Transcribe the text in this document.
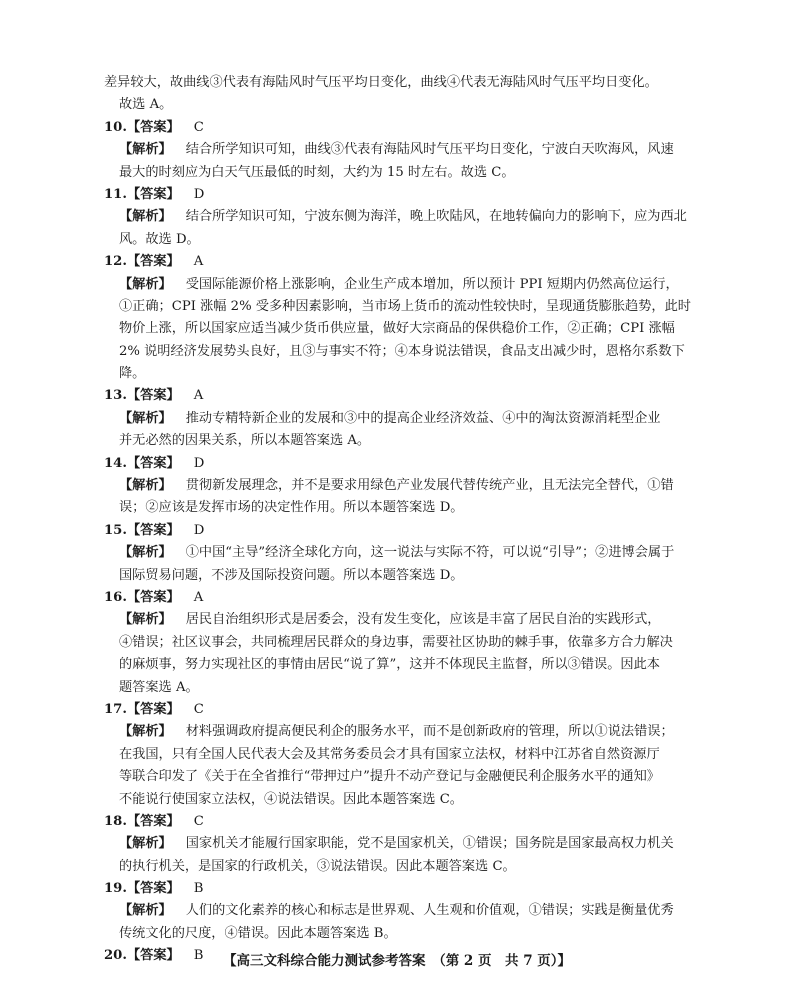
差异较大，故曲线③代表有海陆风时气压平均日变化，曲线④代表无海陆风时气压平均日变化。
故选 A。
10.【答案】 C
【解析】 结合所学知识可知，曲线③代表有海陆风时气压平均日变化，宁波白天吹海风，风速
最大的时刻应为白天气压最低的时刻，大约为 15 时左右。故选 C。
11.【答案】 D
【解析】 结合所学知识可知，宁波东侧为海洋，晚上吹陆风，在地转偏向力的影响下，应为西北
风。故选 D。
12.【答案】 A
【解析】 受国际能源价格上涨影响，企业生产成本增加，所以预计 PPI 短期内仍然高位运行，
①正确；CPI 涨幅 2% 受多种因素影响，当市场上货币的流动性较快时，呈现通货膨胀趋势，此时
物价上涨，所以国家应适当减少货币供应量，做好大宗商品的保供稳价工作，②正确；CPI 涨幅
2% 说明经济发展势头良好，且③与事实不符；④本身说法错误，食品支出减少时，恩格尔系数下
降。
13.【答案】 A
【解析】 推动专精特新企业的发展和③中的提高企业经济效益、④中的淘汰资源消耗型企业
并无必然的因果关系，所以本题答案选 A。
14.【答案】 D
【解析】 贯彻新发展理念，并不是要求用绿色产业发展代替传统产业，且无法完全替代，①错
误；②应该是发挥市场的决定性作用。所以本题答案选 D。
15.【答案】 D
【解析】 ①中国“主导”经济全球化方向，这一说法与实际不符，可以说“引导”；②进博会属于
国际贸易问题，不涉及国际投资问题。所以本题答案选 D。
16.【答案】 A
【解析】 居民自治组织形式是居委会，没有发生变化，应该是丰富了居民自治的实践形式，
④错误；社区议事会，共同梳理居民群众的身边事，需要社区协助的棘手事，依靠多方合力解决
的麻烦事，努力实现社区的事情由居民“说了算”，这并不体现民主监督，所以③错误。因此本
题答案选 A。
17.【答案】 C
【解析】 材料强调政府提高便民利企的服务水平，而不是创新政府的管理，所以①说法错误；
在我国，只有全国人民代表大会及其常务委员会才具有国家立法权，材料中江苏省自然资源厅
等联合印发了《关于在全省推行“带押过户”提升不动产登记与金融便民利企服务水平的通知》
不能说行使国家立法权，④说法错误。因此本题答案选 C。
18.【答案】 C
【解析】 国家机关才能履行国家职能，党不是国家机关，①错误；国务院是国家最高权力机关
的执行机关，是国家的行政机关，③说法错误。因此本题答案选 C。
19.【答案】 B
【解析】 人们的文化素养的核心和标志是世界观、人生观和价值观，①错误；实践是衡量优秀
传统文化的尺度，④错误。因此本题答案选 B。
20.【答案】 B	【高三文科综合能力测试参考答案　（第 2 页　共 7 页）】
